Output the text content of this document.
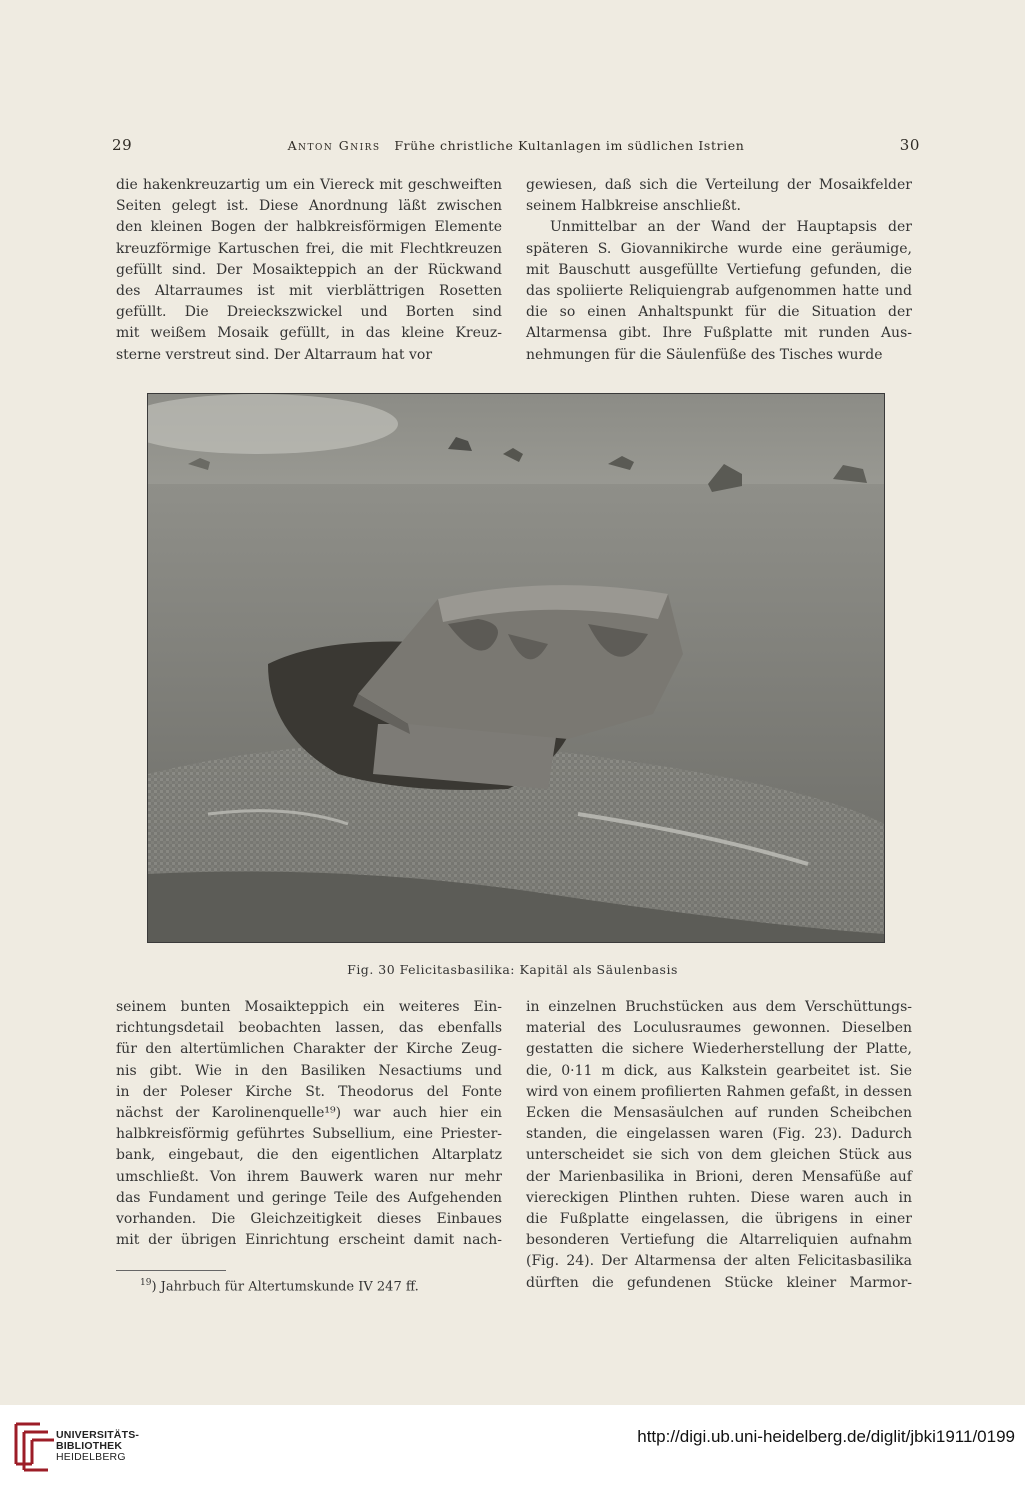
29	Anton Gnirs Frühe christliche Kultanlagen im südlichen Istrien	30

die hakenkreuzartig um ein Viereck mit geschweiften
Seiten gelegt ist. Diese Anordnung läßt zwischen
den kleinen Bogen der halbkreisförmigen Elemente
kreuzförmige Kartuschen frei, die mit Flechtkreuzen
gefüllt sind. Der Mosaikteppich an der Rückwand
des Altarraumes ist mit vierblättrigen Rosetten
gefüllt. Die Dreieckszwickel und Borten sind
mit weißem Mosaik gefüllt, in das kleine Kreuz-
sterne verstreut sind. Der Altarraum hat vor

gewiesen, daß sich die Verteilung der Mosaikfelder
seinem Halbkreise anschließt.

Unmittelbar an der Wand der Hauptapsis der
späteren S. Giovannikirche wurde eine geräumige,
mit Bauschutt ausgefüllte Vertiefung gefunden, die
das spoliierte Reliquiengrab aufgenommen hatte und
die so einen Anhaltspunkt für die Situation der
Altarmensa gibt. Ihre Fußplatte mit runden Aus-
nehmungen für die Säulenfüße des Tisches wurde

Fig. 30 Felicitasbasilika: Kapitäl als Säulenbasis

seinem bunten Mosaikteppich ein weiteres Ein-
richtungsdetail beobachten lassen, das ebenfalls
für den altertümlichen Charakter der Kirche Zeug-
nis gibt. Wie in den Basiliken Nesactiums und
in der Poleser Kirche St. Theodorus del Fonte
nächst der Karolinenquelle¹⁹) war auch hier ein
halbkreisförmig geführtes Subsellium, eine Priester-
bank, eingebaut, die den eigentlichen Altarplatz
umschließt. Von ihrem Bauwerk waren nur mehr
das Fundament und geringe Teile des Aufgehenden
vorhanden. Die Gleichzeitigkeit dieses Einbaues
mit der übrigen Einrichtung erscheint damit nach-

in einzelnen Bruchstücken aus dem Verschüttungs-
material des Loculusraumes gewonnen. Dieselben
gestatten die sichere Wiederherstellung der Platte,
die, 0·11 m dick, aus Kalkstein gearbeitet ist. Sie
wird von einem profilierten Rahmen gefaßt, in dessen
Ecken die Mensasäulchen auf runden Scheibchen
standen, die eingelassen waren (Fig. 23). Dadurch
unterscheidet sie sich von dem gleichen Stück aus
der Marienbasilika in Brioni, deren Mensafüße auf
viereckigen Plinthen ruhten. Diese waren auch in
die Fußplatte eingelassen, die übrigens in einer
besonderen Vertiefung die Altarreliquien aufnahm
(Fig. 24). Der Altarmensa der alten Felicitasbasilika
dürften die gefundenen Stücke kleiner Marmor-

$^{19}$) Jahrbuch für Altertumskunde IV 247 ff.
UNIVERSITÄTS-
BIBLIOTHEK
HEIDELBERG
http://digi.ub.uni-heidelberg.de/diglit/jbki1911/0199
